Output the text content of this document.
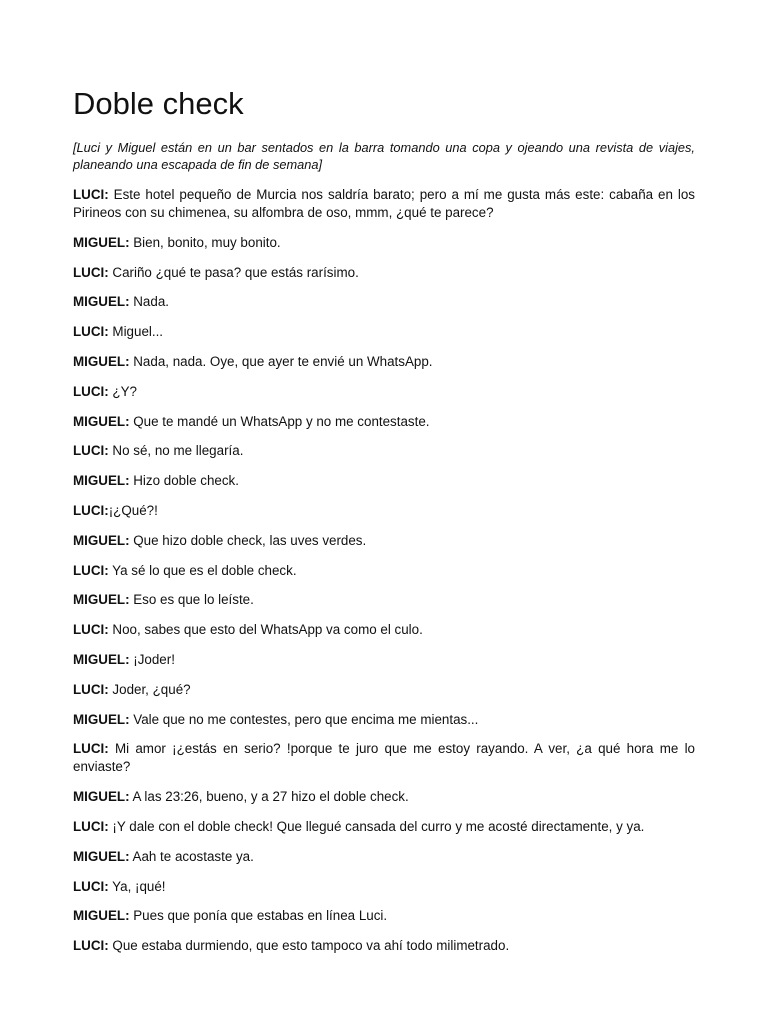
Doble check
[Luci y Miguel están en un bar sentados en la barra tomando una copa y ojeando una revista de viajes, planeando una escapada de fin de semana]

LUCI: Este hotel pequeño de Murcia nos saldría barato; pero a mí me gusta más este: cabaña en los Pirineos con su chimenea, su alfombra de oso, mmm, ¿qué te parece?

MIGUEL: Bien, bonito, muy bonito.

LUCI: Cariño ¿qué te pasa? que estás rarísimo.

MIGUEL: Nada.

LUCI: Miguel...

MIGUEL: Nada, nada. Oye, que ayer te envié un WhatsApp.

LUCI: ¿Y?

MIGUEL: Que te mandé un WhatsApp y no me contestaste.

LUCI: No sé, no me llegaría.

MIGUEL: Hizo doble check.

LUCI:¡¿Qué?!

MIGUEL: Que hizo doble check, las uves verdes.

LUCI: Ya sé lo que es el doble check.

MIGUEL: Eso es que lo leíste.

LUCI: Noo, sabes que esto del WhatsApp va como el culo.

MIGUEL: ¡Joder!

LUCI: Joder, ¿qué?

MIGUEL: Vale que no me contestes, pero que encima me mientas...

LUCI: Mi amor ¡¿estás en serio? !porque te juro que me estoy rayando. A ver, ¿a qué hora me lo enviaste?

MIGUEL: A las 23:26, bueno, y a 27 hizo el doble check.

LUCI: ¡Y dale con el doble check! Que llegué cansada del curro y me acosté directamente, y ya.

MIGUEL: Aah te acostaste ya.

LUCI: Ya, ¡qué!

MIGUEL: Pues que ponía que estabas en línea Luci.

LUCI: Que estaba durmiendo, que esto tampoco va ahí todo milimetrado.
